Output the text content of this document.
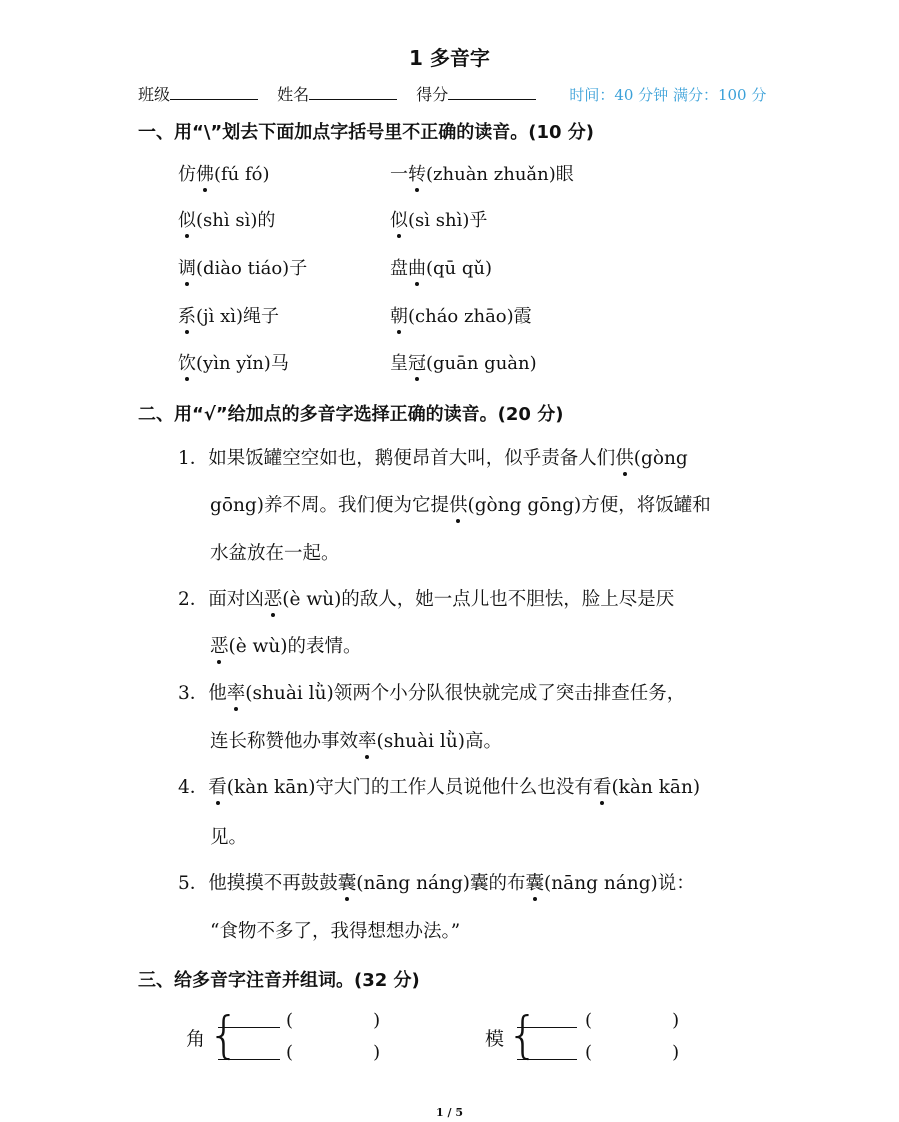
1 多音字
班级	姓名	得分	时间：40 分钟 满分：100 分
一、用“\”划去下面加点字括号里不正确的读音。(10 分)
仿佛(fú fó)	一转(zhuàn zhuǎn)眼
似(shì sì)的	似(sì shì)乎
调(diào tiáo)子	盘曲(qū qǔ)
系(jì xì)绳子	朝(cháo zhāo)霞
饮(yìn yǐn)马	皇冠(guān guàn)
二、用“√”给加点的多音字选择正确的读音。(20 分)
1．如果饭罐空空如也，鹅便昂首大叫，似乎责备人们供(gòng
gōng)养不周。我们便为它提供(gòng gōng)方便，将饭罐和
水盆放在一起。
2．面对凶恶(è wù)的敌人，她一点儿也不胆怯，脸上尽是厌
恶(è wù)的表情。
3．他率(shuài lǜ)领两个小分队很快就完成了突击排查任务，
连长称赞他办事效率(shuài lǜ)高。
4．看(kàn kān)守大门的工作人员说他什么也没有看(kàn kān)
见。
5．他摸摸不再鼓鼓囊(nāng náng)囊的布囊(nāng náng)说：
“食物不多了，我得想想办法。”
三、给多音字注音并组词。(32 分)
角 {	(              )
(              )
模 {	(              )
(              )
1 / 5
